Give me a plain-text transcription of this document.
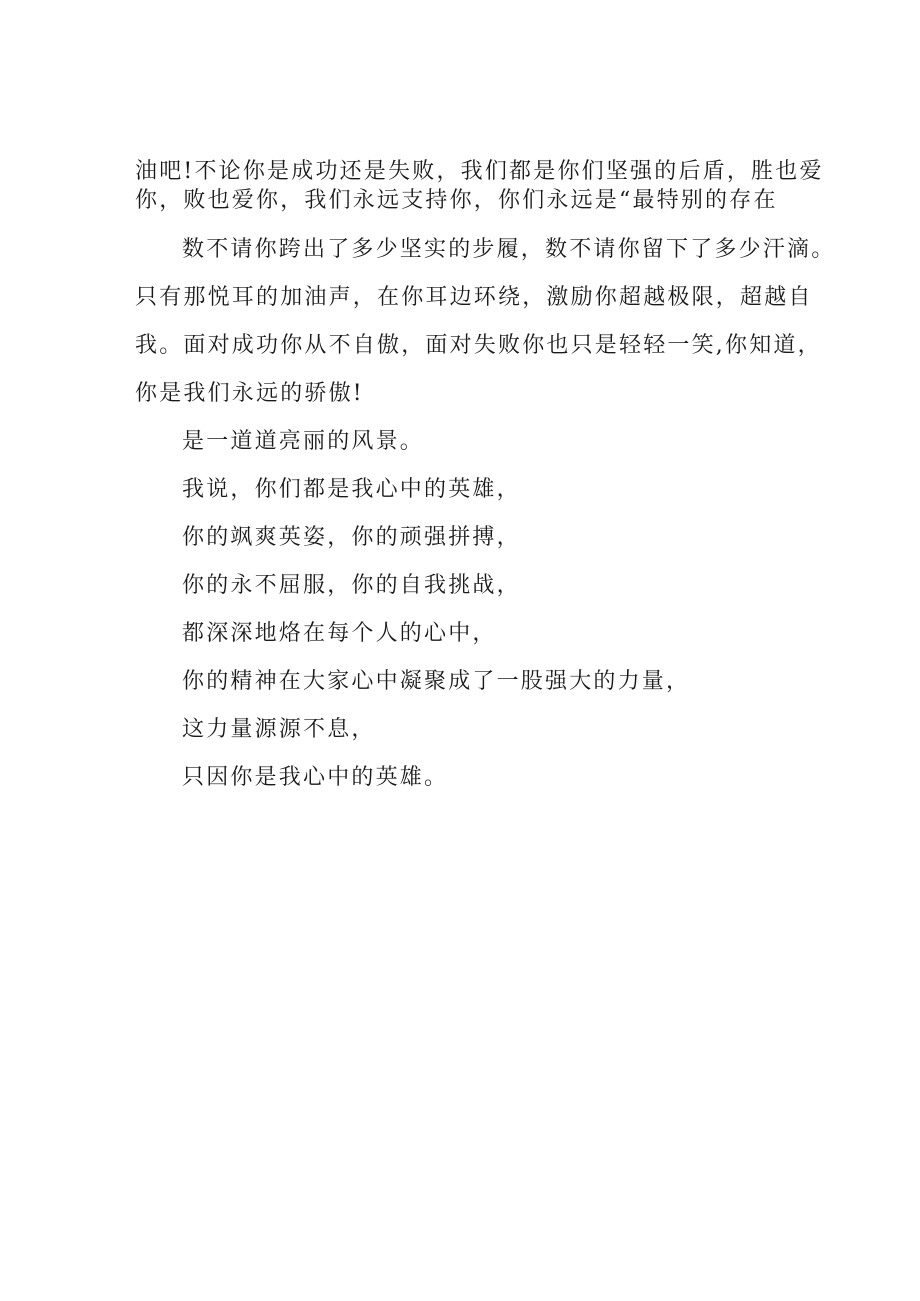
油吧!不论你是成功还是失败，我们都是你们坚强的后盾，胜也爱
你，败也爱你，我们永远支持你，你们永远是“最特别的存在
数不请你跨出了多少坚实的步履，数不请你留下了多少汗滴。
只有那悦耳的加油声，在你耳边环绕，激励你超越极限，超越自
我。面对成功你从不自傲，面对失败你也只是轻轻一笑,你知道，
你是我们永远的骄傲!
是一道道亮丽的风景。
我说，你们都是我心中的英雄，
你的飒爽英姿，你的顽强拼搏，
你的永不屈服，你的自我挑战，
都深深地烙在每个人的心中，
你的精神在大家心中凝聚成了一股强大的力量，
这力量源源不息，
只因你是我心中的英雄。
